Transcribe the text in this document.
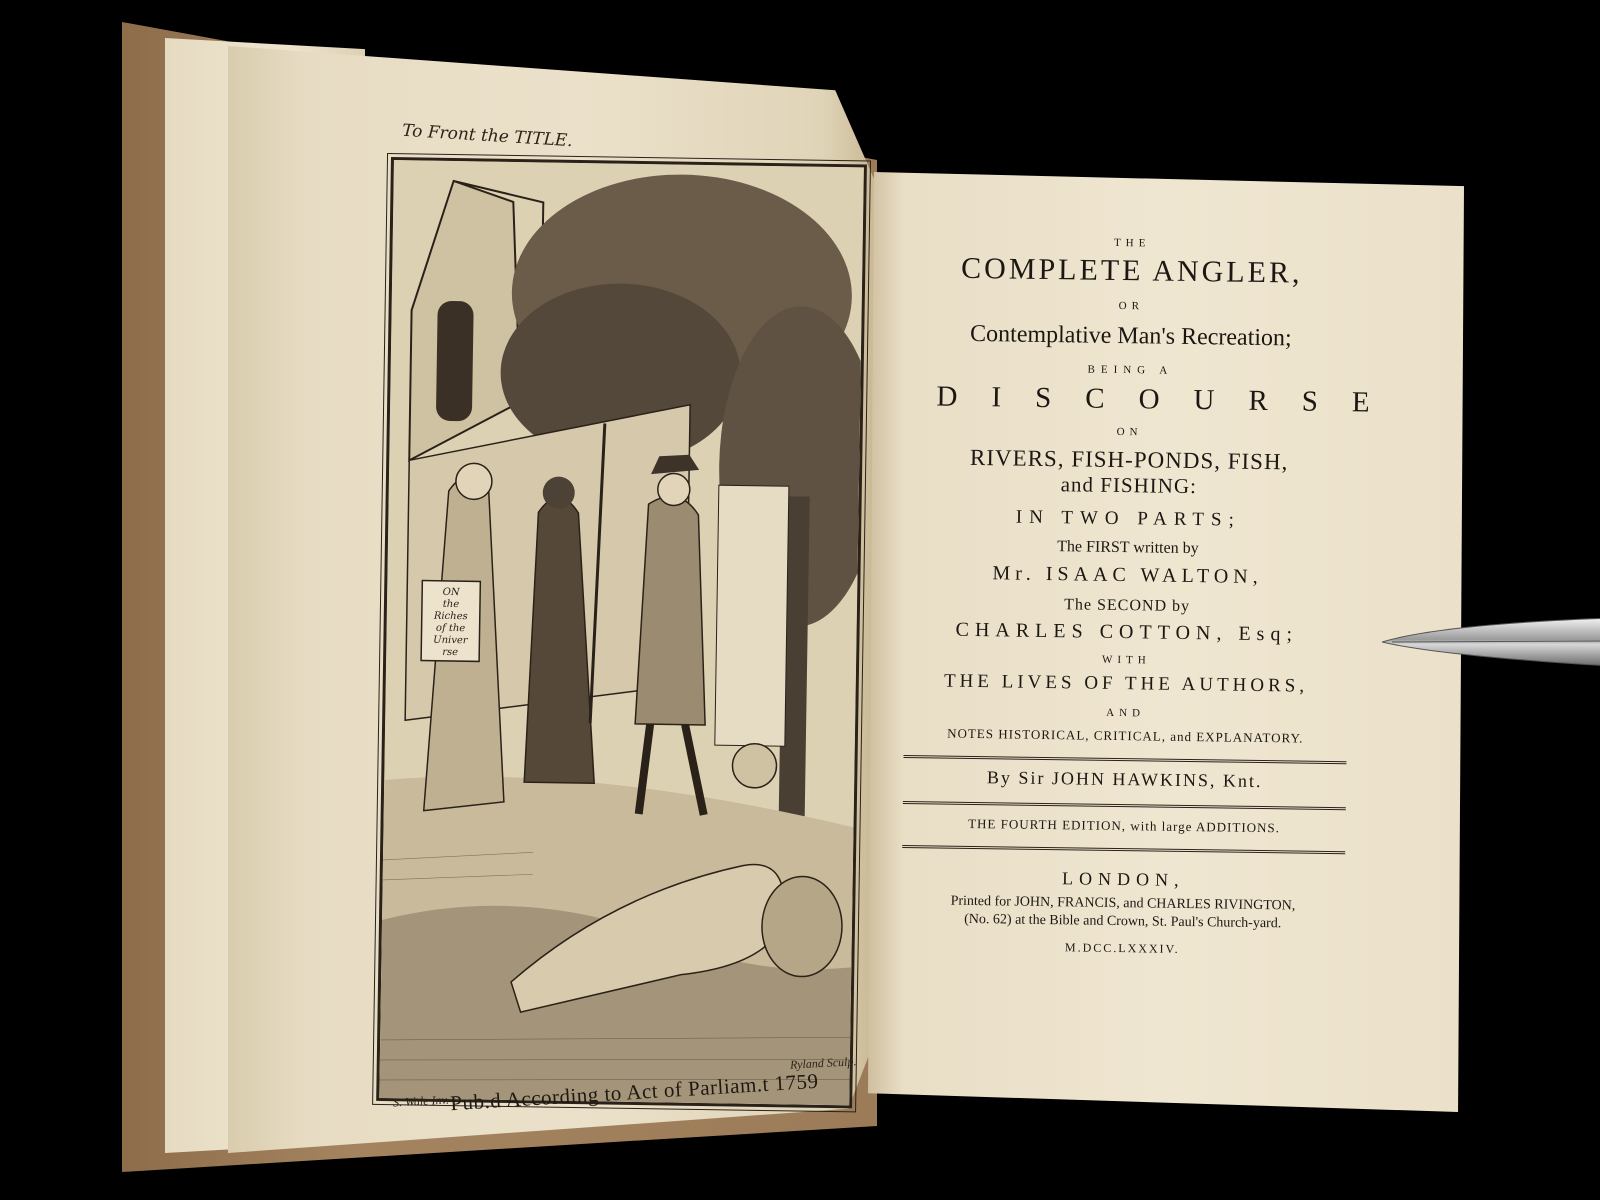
To Front the TITLE.
ON
the
Riches
of the
Univer
rse
S. Wale Inv.
Ryland Sculp.
Pub.d According to Act of Parliam.t 1759
THE
COMPLETE ANGLER,
OR
Contemplative Man's Recreation;
BEING A
DISCOURSE
ON
RIVERS, FISH-PONDS, FISH,
and FISHING:
IN TWO PARTS;
The FIRST written by
Mr. ISAAC WALTON,
The SECOND by
CHARLES COTTON, Esq;
WITH
THE LIVES OF THE AUTHORS,
AND
NOTES HISTORICAL, CRITICAL, and EXPLANATORY.
By Sir JOHN HAWKINS, Knt.
THE FOURTH EDITION, with large ADDITIONS.
LONDON,
Printed for JOHN, FRANCIS, and CHARLES RIVINGTON,
(No. 62) at the Bible and Crown, St. Paul's Church-yard.
M.DCC.LXXXIV.
